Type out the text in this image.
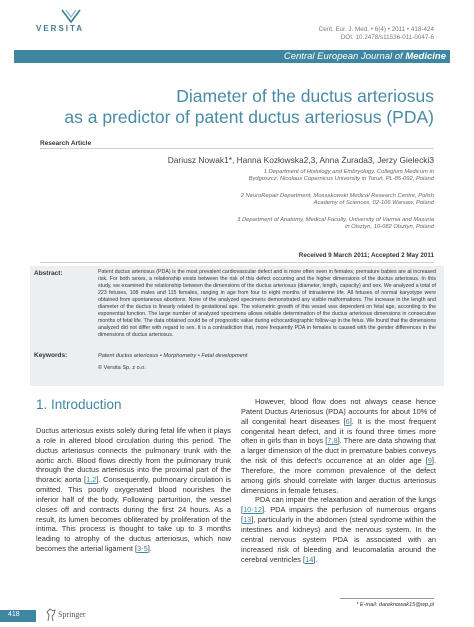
VERSITA	Cent. Eur. J. Med. • 6(4) • 2011 • 418-424
DOI: 10.2478/s11536-011-0047-6
Central European Journal of Medicine
Diameter of the ductus arteriosus
as a predictor of patent ductus arteriosus (PDA)
Research Article
Dariusz Nowak1*, Hanna Kozłowska2,3, Anna Żurada3, Jerzy Gielecki3
1 Department of Histology and Embryology, Collegium Medicum in Bydgoszcz, Nicolaus Copernicus University in Toruń, PL-85-092, Poland
2 NeuroRepair Department, Mossakowski Medical Research Centre, Polish Academy of Sciences, 02-106 Warsaw, Poland
3 Department of Anatomy, Medical Faculty, University of Varmia and Masuria in Olsztyn, 10-082 Olsztyn, Poland
Received 9 March 2011; Accepted 2 May 2011
Abstract:	Patent ductus arteriosus (PDA) is the most prevalent cardiovascular defect and is more often seen in females; premature babies are at increased risk. For both sexes, a relationship exists between the risk of this defect occurring and the higher dimensions of the ductus arteriosus. In this study, we examined the relationship between the dimensions of the ductus arteriosus (diameter, length, capacity) and sex. We analyzed a total of 223 fetuses, 108 males and 115 females, ranging in age from four to eight months of intrauterine life. All fetuses of normal karyotype were obtained from spontaneous abortions. None of the analyzed specimens demonstrated any visible malformations. The increase in the length and diameter of the ductus is linearly related to gestational age. The volumetric growth of this vessel was dependent on fetal age, according to the exponential function. The large number of analyzed specimens allows reliable determination of the ductus arteriosus dimensions in consecutive months of fetal life. The data obtained could be of prognostic value during echocardiographic follow-up in the fetus. We found that the dimensions analyzed did not differ with regard to sex. It is a contradiction that, more frequently PDA in females is caused with the gender differences in the dimensions of ductus arteriosus.
Keywords:	Patent ductus arteriosus • Morphometry • Fetal development
© Versita Sp. z o.o.
1. Introduction

Ductus arteriosus exists solely during fetal life when it plays a role in altered blood circulation during this period. The ductus arteriosus connects the pulmonary trunk with the aortic arch. Blood flows directly from the pulmonary trunk through the ductus arteriosus into the proximal part of the thoracic aorta [1,2]. Consequently, pulmonary circulation is omitted. This poorly oxygenated blood nourishes the inferior half of the body. Following parturition, the vessel closes off and contracts during the first 24 hours. As a result, its lumen becomes obliterated by proliferation of the intima. This process is thought to take up to 3 months leading to atrophy of the ductus arteriosus, which now becomes the arterial ligament [3-5].

However, blood flow does not always cease hence Patent Ductus Arteriosus (PDA) accounts for about 10% of all congenital heart diseases [6]. It is the most frequent congenital heart defect, and it is found three times more often in girls than in boys [7,8]. There are data showing that a larger dimension of the duct in premature babies conveys the risk of this defect's occurrence at an older age [9]. Therefore, the more common prevalence of the defect among girls should correlate with larger ductus arteriosus dimensions in female fetuses.

PDA can impair the relaxation and aeration of the lungs [10-12]. PDA impairs the perfusion of numerous organs [13], particularly in the abdomen (steal syndrome within the intestines and kidneys) and the nervous system. In the central nervous system PDA is associated with an increased risk of bleeding and leucomalatia around the cerebral ventricles [14].

* E-mail: dareknowak15@wp.pl
418	Springer
